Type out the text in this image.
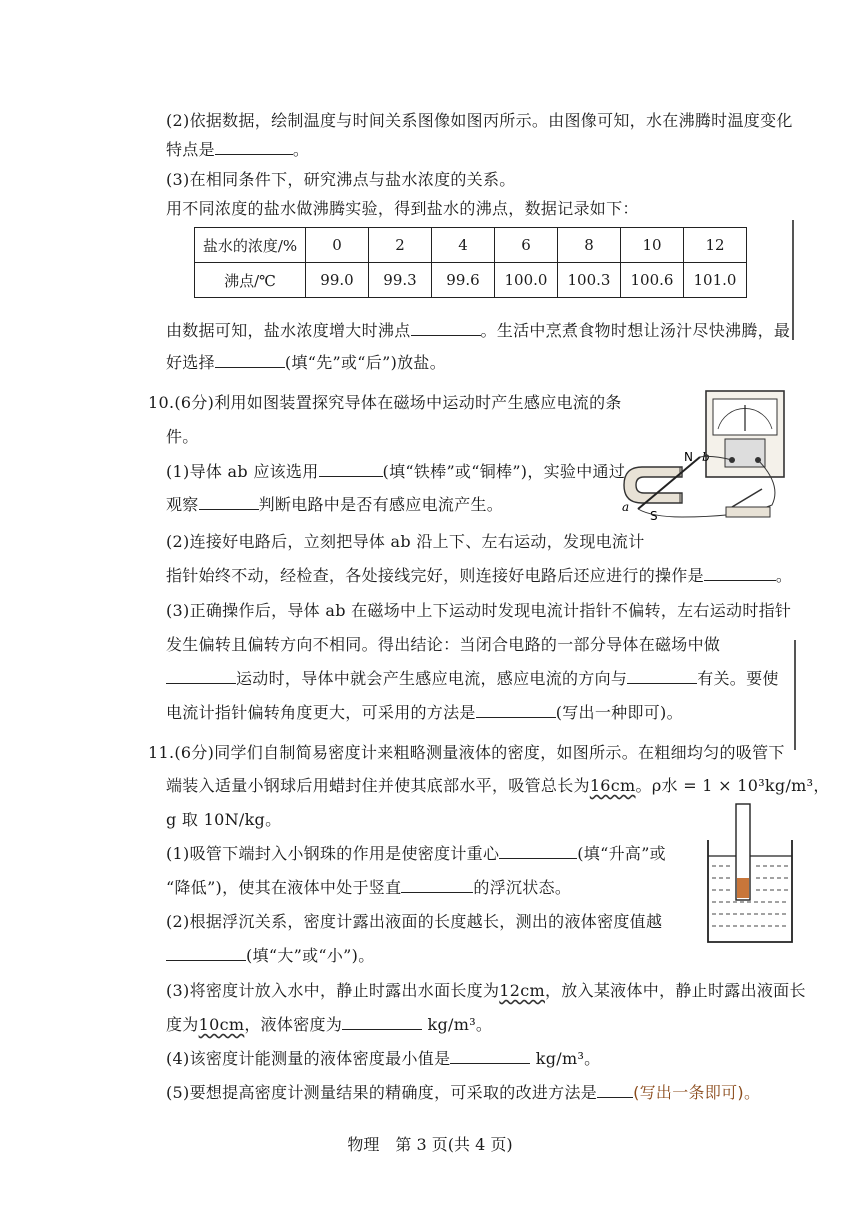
(2)依据数据，绘制温度与时间关系图像如图丙所示。由图像可知，水在沸腾时温度变化
特点是	。
(3)在相同条件下，研究沸点与盐水浓度的关系。
用不同浓度的盐水做沸腾实验，得到盐水的沸点，数据记录如下：
盐水的浓度/%	0	2	4	6	8	10	12
沸点/℃	99.0	99.3	99.6	100.0	100.3	100.6	101.0
由数据可知，盐水浓度增大时沸点	。生活中烹煮食物时想让汤汁尽快沸腾，最
好选择	(填“先”或“后”)放盐。
10.(6分)利用如图装置探究导体在磁场中运动时产生感应电流的条
件。
(1)导体 ab 应该选用	(填“铁棒”或“铜棒”)，实验中通过
观察	判断电路中是否有感应电流产生。
(2)连接好电路后，立刻把导体 ab 沿上下、左右运动，发现电流计
指针始终不动，经检查，各处接线完好，则连接好电路后还应进行的操作是	。
(3)正确操作后，导体 ab 在磁场中上下运动时发现电流计指针不偏转，左右运动时指针
发生偏转且偏转方向不相同。得出结论：当闭合电路的一部分导体在磁场中做
运动时，导体中就会产生感应电流，感应电流的方向与	有关。要使
电流计指针偏转角度更大，可采用的方法是	(写出一种即可)。
N
S
b
a
11.(6分)同学们自制简易密度计来粗略测量液体的密度，如图所示。在粗细均匀的吸管下
端装入适量小钢球后用蜡封住并使其底部水平，吸管总长为16cm。ρ水 = 1 × 10³kg/m³，
g 取 10N/kg。
(1)吸管下端封入小钢珠的作用是使密度计重心	(填“升高”或
“降低”)，使其在液体中处于竖直	的浮沉状态。
(2)根据浮沉关系，密度计露出液面的长度越长，测出的液体密度值越
(填“大”或“小”)。
(3)将密度计放入水中，静止时露出水面长度为12cm，放入某液体中，静止时露出液面长
度为10cm，液体密度为	kg/m³。
(4)该密度计能测量的液体密度最小值是	kg/m³。
(5)要想提高密度计测量结果的精确度，可采取的改进方法是 (写出一条即可)。
物理　第 3 页(共 4 页)
